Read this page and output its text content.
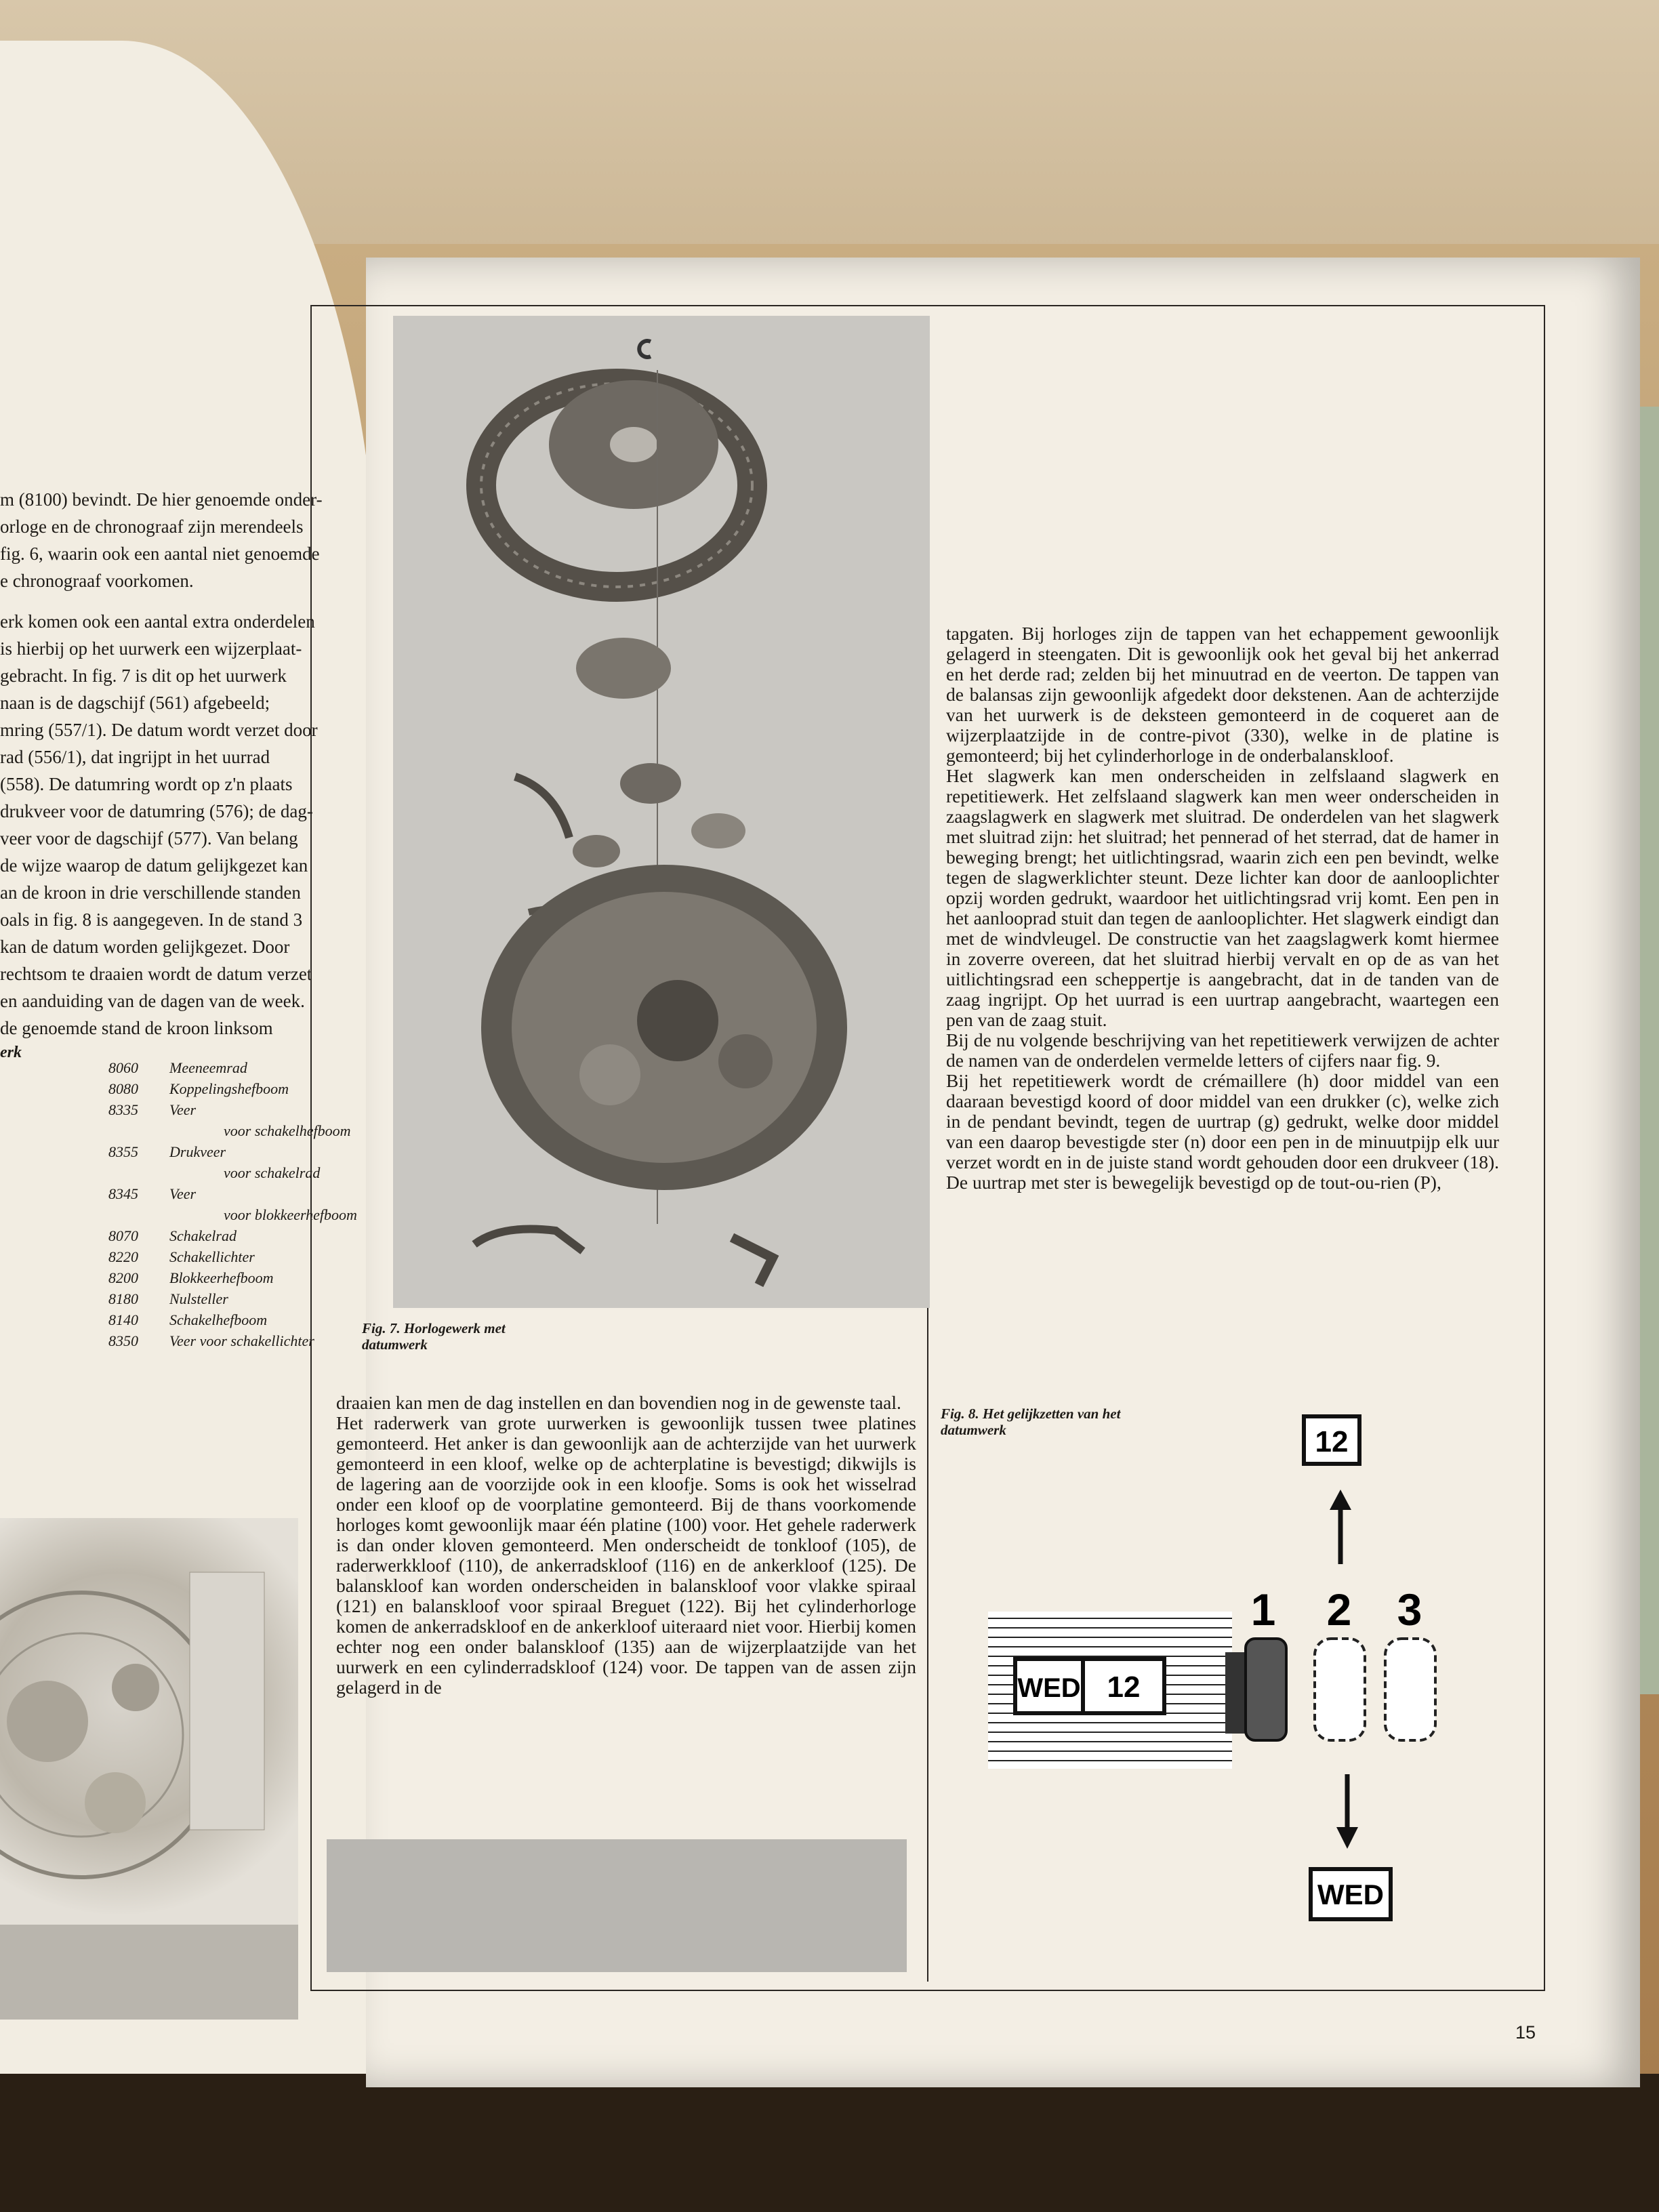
m (8100) bevindt. De hier genoemde onder-
orloge en de chronograaf zijn merendeels
fig. 6, waarin ook een aantal niet genoemde
e chronograaf voorkomen.
erk komen ook een aantal extra onderdelen
is hierbij op het uurwerk een wijzerplaat-
gebracht. In fig. 7 is dit op het uurwerk
naan is de dagschijf (561) afgebeeld;
mring (557/1). De datum wordt verzet door
rad (556/1), dat ingrijpt in het uurrad
(558). De datumring wordt op z'n plaats
drukveer voor de datumring (576); de dag-
veer voor de dagschijf (577). Van belang
de wijze waarop de datum gelijkgezet kan
an de kroon in drie verschillende standen
oals in fig. 8 is aangegeven. In de stand 3
kan de datum worden gelijkgezet. Door
rechtsom te draaien wordt de datum verzet
en aanduiding van de dagen van de week.
de genoemde stand de kroon linksom
erk
8060	Meeneemrad
8080	Koppelingshefboom
8335	Veer
voor schakelhefboom
8355	Drukveer
voor schakelrad
8345	Veer
voor blokkeerhefboom
8070	Schakelrad
8220	Schakellichter
8200	Blokkeerhefboom
8180	Nulsteller
8140	Schakelhefboom
8350	Veer voor schakellichter
Fig. 7. Horlogewerk met
datumwerk

tapgaten. Bij horloges zijn de tappen van het echappement gewoonlijk gelagerd in steengaten. Dit is gewoonlijk ook het geval bij het ankerrad en het derde rad; zelden bij het minuutrad en de veerton. De tappen van de balansas zijn gewoonlijk afgedekt door dekstenen. Aan de achterzijde van het uurwerk is de deksteen gemonteerd in de coqueret aan de wijzerplaatzijde in de contre-pivot (330), welke in de platine is gemonteerd; bij het cylinderhorloge in de onderbalanskloof.

Het slagwerk kan men onderscheiden in zelfslaand slagwerk en repetitiewerk. Het zelfslaand slagwerk kan men weer onderscheiden in zaagslagwerk en slagwerk met sluitrad. De onderdelen van het slagwerk met sluitrad zijn: het sluitrad; het pennerad of het sterrad, dat de hamer in beweging brengt; het uitlichtingsrad, waarin zich een pen bevindt, welke tegen de slagwerklichter steunt. Deze lichter kan door de aanlooplichter opzij worden gedrukt, waardoor het uitlichtingsrad vrij komt. Een pen in het aanlooprad stuit dan tegen de aanlooplichter. Het slagwerk eindigt dan met de windvleugel. De constructie van het zaagslagwerk komt hiermee in zoverre overeen, dat het sluitrad hierbij vervalt en op de as van het uitlichtingsrad een scheppertje is aangebracht, dat in de tanden van de zaag ingrijpt. Op het uurrad is een uurtrap aangebracht, waartegen een pen van de zaag stuit.

Bij de nu volgende beschrijving van het repetitiewerk verwijzen de achter de namen van de onderdelen vermelde letters of cijfers naar fig. 9.

Bij het repetitiewerk wordt de crémaillere (h) door middel van een daaraan bevestigd koord of door middel van een drukker (c), welke zich in de pendant bevindt, tegen de uurtrap (g) gedrukt, welke door middel van een daarop bevestigde ster (n) door een pen in de minuutpijp elk uur verzet wordt en in de juiste stand wordt gehouden door een drukveer (18). De uurtrap met ster is bewegelijk bevestigd op de tout-ou-rien (P),

draaien kan men de dag instellen en dan bovendien nog in de gewenste taal.

Het raderwerk van grote uurwerken is gewoonlijk tussen twee platines gemonteerd. Het anker is dan gewoonlijk aan de achterzijde van het uurwerk gemonteerd in een kloof, welke op de achterplatine is bevestigd; dikwijls is de lagering aan de voorzijde ook in een kloofje. Soms is ook het wisselrad onder een kloof op de voorplatine gemonteerd. Bij de thans voorkomende horloges komt gewoonlijk maar één platine (100) voor. Het gehele raderwerk is dan onder kloven gemonteerd. Men onderscheidt de tonkloof (105), de raderwerkkloof (110), de ankerradskloof (116) en de ankerkloof (125). De balanskloof kan worden onderscheiden in balanskloof voor vlakke spiraal (121) en balanskloof voor spiraal Breguet (122). Bij het cylinderhorloge komen de ankerradskloof en de ankerkloof uiteraard niet voor. Hierbij komen echter nog een onder balanskloof (135) aan de wijzerplaatzijde van het uurwerk en een cylinderradskloof (124) voor. De tappen van de assen zijn gelagerd in de

Fig. 8. Het gelijkzetten van het
datumwerk	12
WED 12
1 2 3
WED
15
